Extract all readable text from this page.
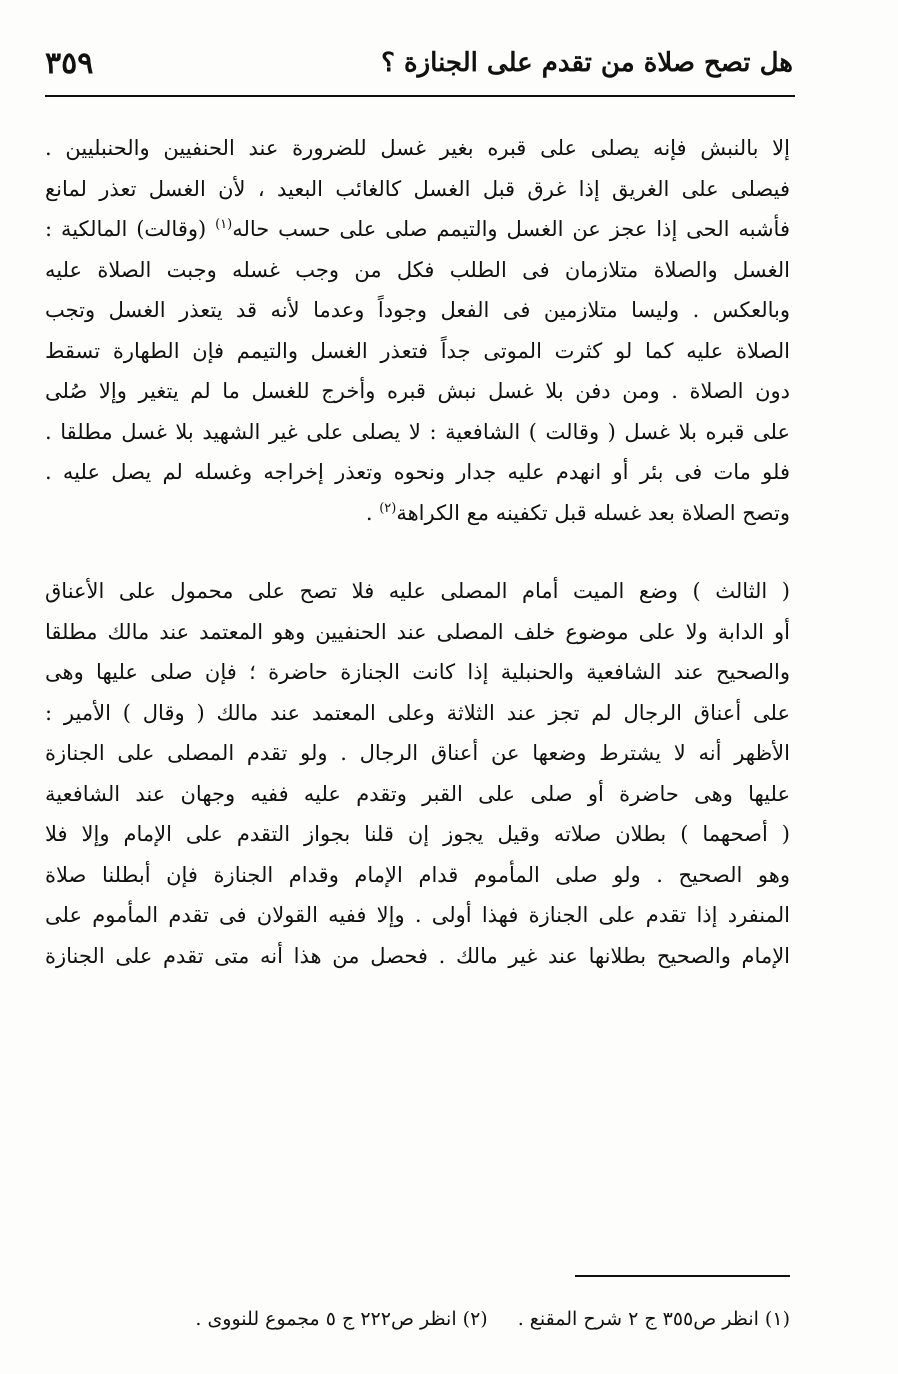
٣٥٩	هل تصح صلاة من تقدم على الجنازة ؟

إلا بالنبش فإنه يصلى على قبره بغير غسل للضرورة عند الحنفيين والحنبليين .
فيصلى على الغريق إذا غرق قبل الغسل كالغائب البعيد ، لأن الغسل تعذر لمانع
فأشبه الحى إذا عجز عن الغسل والتيمم صلى على حسب حاله$^{(١)}$ (وقالت) المالكية :
الغسل والصلاة متلازمان فى الطلب فكل من وجب غسله وجبت الصلاة عليه
وبالعكس . وليسا متلازمين فى الفعل وجوداً وعدما لأنه قد يتعذر الغسل وتجب
الصلاة عليه كما لو كثرت الموتى جداً فتعذر الغسل والتيمم فإن الطهارة تسقط
دون الصلاة . ومن دفن بلا غسل نبش قبره وأخرج للغسل ما لم يتغير وإلا صُلى
على قبره بلا غسل ( وقالت ) الشافعية : لا يصلى على غير الشهيد بلا غسل مطلقا .
فلو مات فى بئر أو انهدم عليه جدار ونحوه وتعذر إخراجه وغسله لم يصل عليه .
وتصح الصلاة بعد غسله قبل تكفينه مع الكراهة$^{(٢)}$ .

( الثالث ) وضع الميت أمام المصلى عليه فلا تصح على محمول على الأعناق
أو الدابة ولا على موضوع خلف المصلى عند الحنفيين وهو المعتمد عند مالك مطلقا
والصحيح عند الشافعية والحنبلية إذا كانت الجنازة حاضرة ؛ فإن صلى عليها وهى
على أعناق الرجال لم تجز عند الثلاثة وعلى المعتمد عند مالك ( وقال ) الأمير :
الأظهر أنه لا يشترط وضعها عن أعناق الرجال . ولو تقدم المصلى على الجنازة
عليها وهى حاضرة أو صلى على القبر وتقدم عليه ففيه وجهان عند الشافعية
( أصحهما ) بطلان صلاته وقيل يجوز إن قلنا بجواز التقدم على الإمام وإلا فلا
وهو الصحيح . ولو صلى المأموم قدام الإمام وقدام الجنازة فإن أبطلنا صلاة
المنفرد إذا تقدم على الجنازة فهذا أولى . وإلا ففيه القولان فى تقدم المأموم على
الإمام والصحيح بطلانها عند غير مالك . فحصل من هذا أنه متى تقدم على الجنازة

(١) انظر ص٣٥٥ ج ٢ شرح المقنع .
(٢) انظر ص٢٢٢ ج ٥ مجموع للنووى .
